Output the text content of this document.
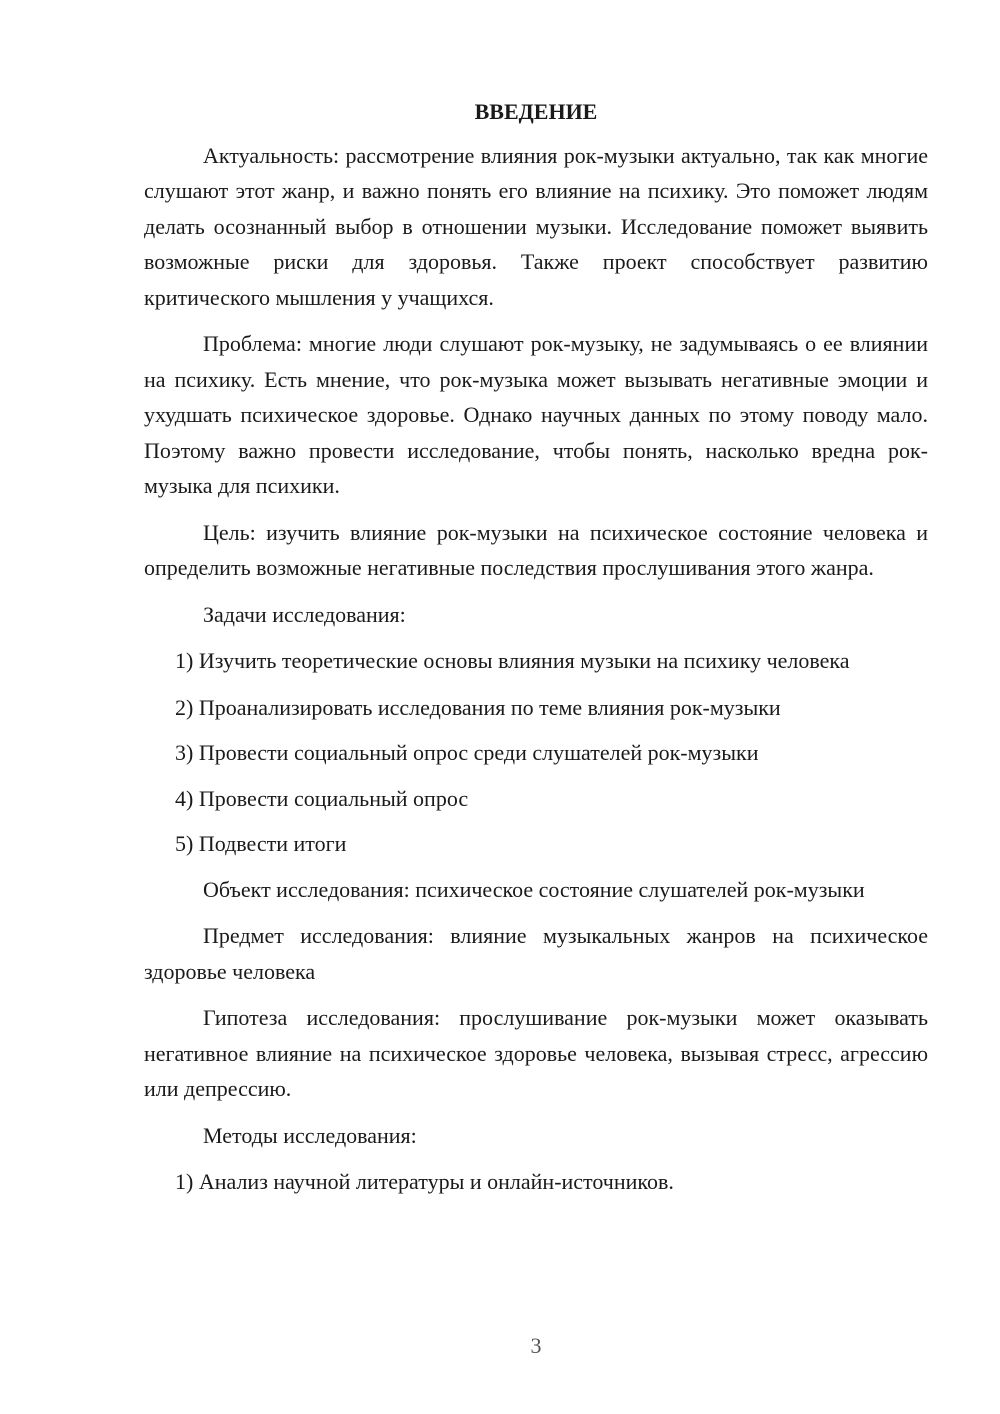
ВВЕДЕНИЕ

Актуальность: рассмотрение влияния рок-музыки актуально, так как многие слушают этот жанр, и важно понять его влияние на психику. Это поможет людям делать осознанный выбор в отношении музыки. Исследование поможет выявить возможные риски для здоровья. Также проект способствует развитию критического мышления у учащихся.

Проблема: многие люди слушают рок-музыку, не задумываясь о ее влиянии на психику. Есть мнение, что рок-музыка может вызывать негативные эмоции и ухудшать психическое здоровье. Однако научных данных по этому поводу мало. Поэтому важно провести исследование, чтобы понять, насколько вредна рок-музыка для психики.

Цель: изучить влияние рок-музыки на психическое состояние человека и определить возможные негативные последствия прослушивания этого жанра.

Задачи исследования:

1) Изучить теоретические основы влияния музыки на психику человека

2) Проанализировать исследования по теме влияния рок-музыки

3) Провести социальный опрос среди слушателей рок-музыки

4) Провести социальный опрос

5) Подвести итоги

Объект исследования: психическое состояние слушателей рок-музыки

Предмет исследования: влияние музыкальных жанров на психическое здоровье человека

Гипотеза исследования: прослушивание рок-музыки может оказывать негативное влияние на психическое здоровье человека, вызывая стресс, агрессию или депрессию.

Методы исследования:

1) Анализ научной литературы и онлайн-источников.

3
